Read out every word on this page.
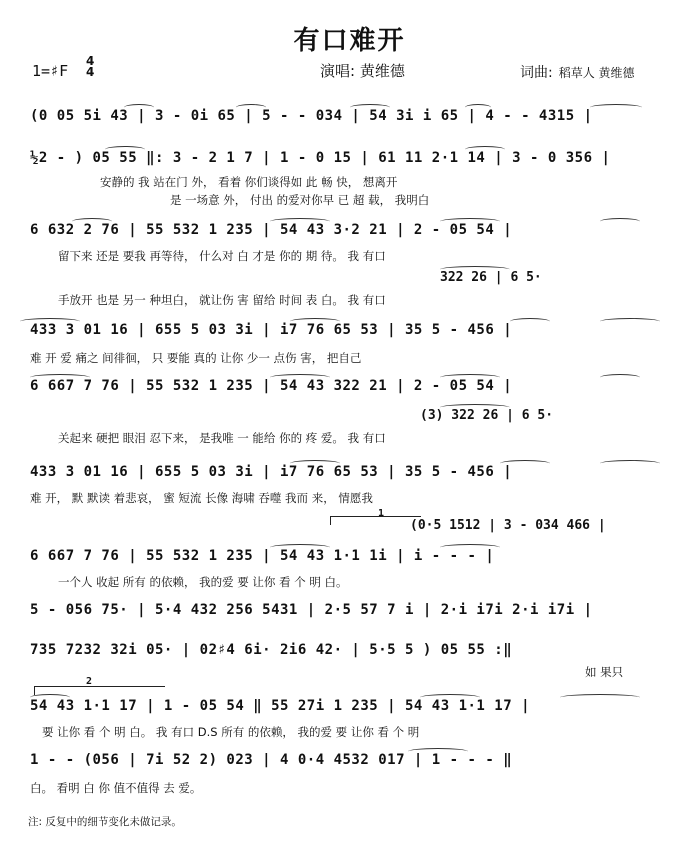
有口难开
1=♯F
4
4	演唱: 黄维德	词曲: 稻草人 黄维德
(0 05 5i 43 | 3 - 0i 65 | 5 - - 034 | 54 3i i 65 | 4 - - 4315 |
½2 - ) 05 55 ‖: 3 - 2 1 7 | 1 - 0 15 | 61 11 2·1 14 | 3 - 0 356 |
安静的 我 站在门 外， 看着 你们谈得如 此 畅 快， 想离开
是 一场意 外， 付出 的爱对你早 已 超 载， 我明白
6 632 2 76 | 55 532 1 235 | 54 43 3·2 21 | 2 - 05 54 |
留下来 还是 要我 再等待， 什么对 白 才是 你的 期 待。 我 有口
322 26 | 6 5·
手放开 也是 另一 种坦白， 就让伤 害 留给 时间 表 白。 我 有口
433 3 01 16 | 655 5 03 3i | i7 76 65 53 | 35 5 - 456 |
难 开 爱 痛之 间徘徊， 只 要能 真的 让你 少一 点伤 害， 把自己
6 667 7 76 | 55 532 1 235 | 54 43 322 21 | 2 - 05 54 |
(3) 322 26 | 6 5·
关起来 硬把 眼泪 忍下来， 是我唯 一 能给 你的 疼 爱。 我 有口
433 3 01 16 | 655 5 03 3i | i7 76 65 53 | 35 5 - 456 |
难 开， 默 默读 着悲哀， 蜜 短流 长像 海啸 吞噬 我而 来， 情愿我
1
(0·5 1512 | 3 - 034 466 |
6 667 7 76 | 55 532 1 235 | 54 43 1·1 1i | i - - - |
一个人 收起 所有 的依赖， 我的爱 要 让你 看 个 明 白。
5 - 056 75· | 5·4 432 256 5431 | 2·5 57 7 i | 2·i i7i 2·i i7i |
735 7232 32i 05· | 02♯4 6i· 2i6 42· | 5·5 5 ) 05 55 :‖
如 果只
2
54 43 1·1 17 | 1 - 05 54 ‖ 55 27i 1 235 | 54 43 1·1 17 |
要 让你 看 个 明 白。 我 有口 D.S 所有 的依赖， 我的爱 要 让你 看 个 明
1 - - (056 | 7i 52 2) 023 | 4 0·4 4532 017 | 1 - - - ‖
白。 看明 白 你 值不值得 去 爱。
注: 反复中的细节变化未做记录。
